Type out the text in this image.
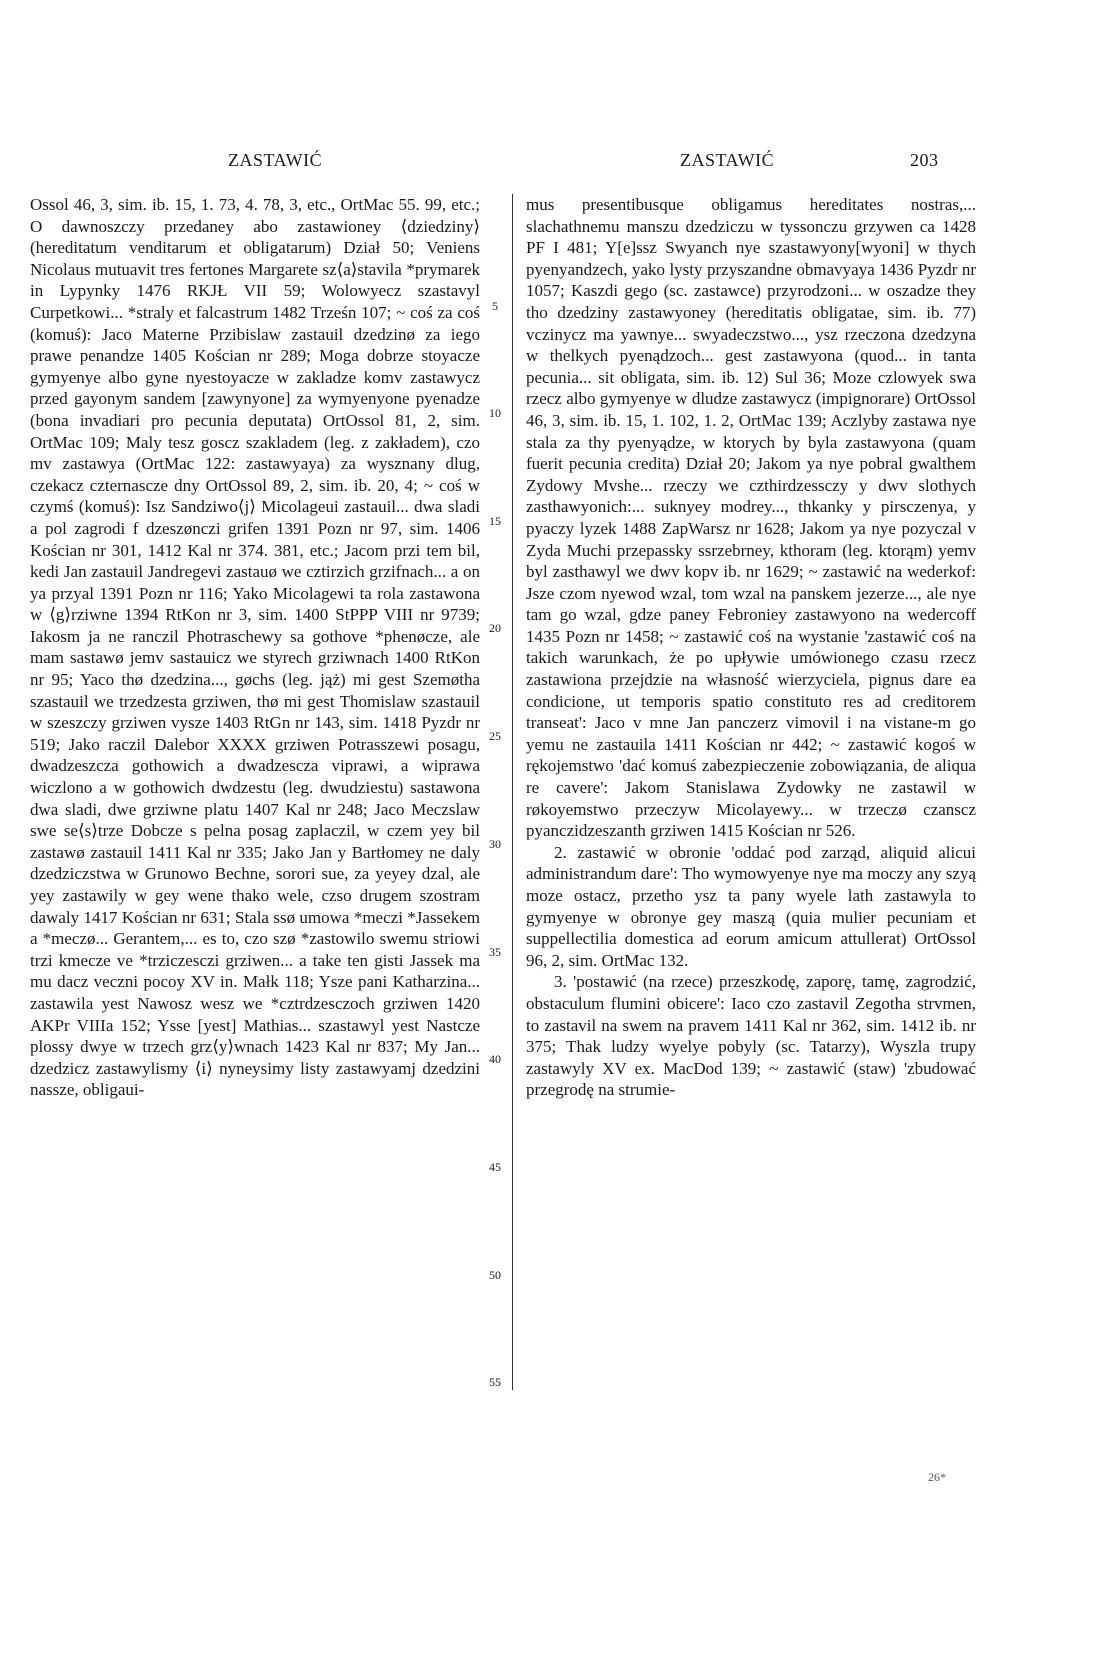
ZASTAWIĆ	ZASTAWIĆ	203

Ossol 46, 3, sim. ib. 15, 1. 73, 4. 78, 3, etc., OrtMac 55. 99, etc.; O dawnoszczy przedaney abo zastawioney ⟨dziedziny⟩ (hereditatum venditarum et obligatarum) Dział 50; Veniens Nicolaus mutuavit tres fertones Margarete sz⟨a⟩stavila *prymarek in Lypynky 1476 RKJŁ VII 59; Wolowyecz szastavyl Curpetkowi... *straly et falcastrum 1482 Trześn 107; ~ coś za coś (komuś): Jaco Materne Przibislaw zastauil dzedzinø za iego prawe penandze 1405 Kościan nr 289; Moga dobrze stoyacze gymyenye albo gyne nyestoyacze w zakladze komv zastawycz przed gayonym sandem [zawynyone] za wymyenyone pyenadze (bona invadiari pro pecunia deputata) OrtOssol 81, 2, sim. OrtMac 109; Maly tesz goscz szakladem (leg. z zakładem), czo mv zastawya (OrtMac 122: zastawyaya) za wysznany dlug, czekacz czternascze dny OrtOssol 89, 2, sim. ib. 20, 4; ~ coś w czymś (komuś): Isz Sandziwo⟨j⟩ Micolageui zastauil... dwa sladi a pol zagrodi f dzeszønczi grifen 1391 Pozn nr 97, sim. 1406 Kościan nr 301, 1412 Kal nr 374. 381, etc.; Jacom przi tem bil, kedi Jan zastauil Jandregevi zastauø we cztirzich grzifnach... a on ya przyal 1391 Pozn nr 116; Yako Micolagewi ta rola zastawona w ⟨g⟩rziwne 1394 RtKon nr 3, sim. 1400 StPPP VIII nr 9739; Iakosm ja ne ranczil Photraschewy sa gothove *phenøcze, ale mam sastawø jemv sastauicz we styrech grziwnach 1400 RtKon nr 95; Yaco thø dzedzina..., gøchs (leg. jąż) mi gest Szemøtha szastauil we trzedzesta grziwen, thø mi gest Thomislaw szastauil w szeszczy grziwen vysze 1403 RtGn nr 143, sim. 1418 Pyzdr nr 519; Jako raczil Dalebor XXXX grziwen Potrasszewi posagu, dwadzeszcza gothowich a dwadzescza viprawi, a wiprawa wiczlono a w gothowich dwdzestu (leg. dwudziestu) sastawona dwa sladi, dwe grziwne platu 1407 Kal nr 248; Jaco Meczslaw swe se⟨s⟩trze Dobcze s pelna posag zaplaczil, w czem yey bil zastawø zastauil 1411 Kal nr 335; Jako Jan y Bartłomey ne daly dzedziczstwa w Grunowo Bechne, sorori sue, za yeyey dzal, ale yey zastawily w gey wene thako wele, czso drugem szostram dawaly 1417 Kościan nr 631; Stala ssø umowa *meczi *Jassekem a *meczø... Gerantem,... es to, czo szø *zastowilo swemu striowi trzi kmecze ve *trziczesczi grziwen... a take ten gisti Jassek ma mu dacz veczni pocoy XV in. Małk 118; Ysze pani Katharzina... zastawila yest Nawosz wesz we *cztrdzesczoch grziwen 1420 AKPr VIIIa 152; Ysse [yest] Mathias... szastawyl yest Nastcze plossy dwye w trzech grz⟨y⟩wnach 1423 Kal nr 837; My Jan... dzedzicz zastawylismy ⟨i⟩ nyneysimy listy zastawyamj dzedzini nassze, obligaui-

5
10
15
20
25
30
35
40
45
50
55

mus presentibusque obligamus hereditates nostras,... slachathnemu manszu dzedziczu w tyssonczu grzywen ca 1428 PF I 481; Y[e]ssz Swyanch nye szastawyony[wyoni] w thych pyenyandzech, yako lysty przyszandne obmavyaya 1436 Pyzdr nr 1057; Kaszdi gego (sc. zastawce) przyrodzoni... w oszadze they tho dzedziny zastawyoney (hereditatis obligatae, sim. ib. 77) vczinycz ma yawnye... swyadeczstwo..., ysz rzeczona dzedzyna w thelkych pyenądzoch... gest zastawyona (quod... in tanta pecunia... sit obligata, sim. ib. 12) Sul 36; Moze czlowyek swa rzecz albo gymyenye w dludze zastawycz (impignorare) OrtOssol 46, 3, sim. ib. 15, 1. 102, 1. 2, OrtMac 139; Aczlyby zastawa nye stala za thy pyenyądze, w ktorych by byla zastawyona (quam fuerit pecunia credita) Dział 20; Jakom ya nye pobral gwalthem Zydowy Mvshe... rzeczy we czthirdzessczy y dwv slothych zasthawyonich:... suknyey modrey..., thkanky y pirsczenya, y pyaczy lyzek 1488 ZapWarsz nr 1628; Jakom ya nye pozyczal v Zyda Muchi przepassky ssrzebrney, kthoram (leg. ktorąm) yemv byl zasthawyl we dwv kopv ib. nr 1629; ~ zastawić na wederkof: Jsze czom nyewod wzal, tom wzal na panskem jezerze..., ale nye tam go wzal, gdze paney Febroniey zastawyono na wedercoff 1435 Pozn nr 1458; ~ zastawić coś na wystanie 'zastawić coś na takich warunkach, że po upływie umówionego czasu rzecz zastawiona przejdzie na własność wierzyciela, pignus dare ea condicione, ut temporis spatio constituto res ad creditorem transeat': Jaco v mne Jan panczerz vimovil i na vistane-m go yemu ne zastauila 1411 Kościan nr 442; ~ zastawić kogoś w rękojemstwo 'dać komuś zabezpieczenie zobowiązania, de aliqua re cavere': Jakom Stanislawa Zydowky ne zastawil w røkoyemstwo przeczyw Micolayewy... w trzeczø czanscz pyanczidzeszanth grziwen 1415 Kościan nr 526.

2. zastawić w obronie 'oddać pod zarząd, aliquid alicui administrandum dare': Tho wymowyenye nye ma moczy any szyą moze ostacz, przetho ysz ta pany wyele lath zastawyla to gymyenye w obronye gey maszą (quia mulier pecuniam et suppellectilia domestica ad eorum amicum attullerat) OrtOssol 96, 2, sim. OrtMac 132.

3. 'postawić (na rzece) przeszkodę, zaporę, tamę, zagrodzić, obstaculum flumini obicere': Iaco czo zastavil Zegotha strvmen, to zastavil na swem na pravem 1411 Kal nr 362, sim. 1412 ib. nr 375; Thak ludzy wyelye pobyly (sc. Tatarzy), Wyszla trupy zastawyly XV ex. MacDod 139; ~ zastawić (staw) 'zbudować przegrodę na strumie-

26*
